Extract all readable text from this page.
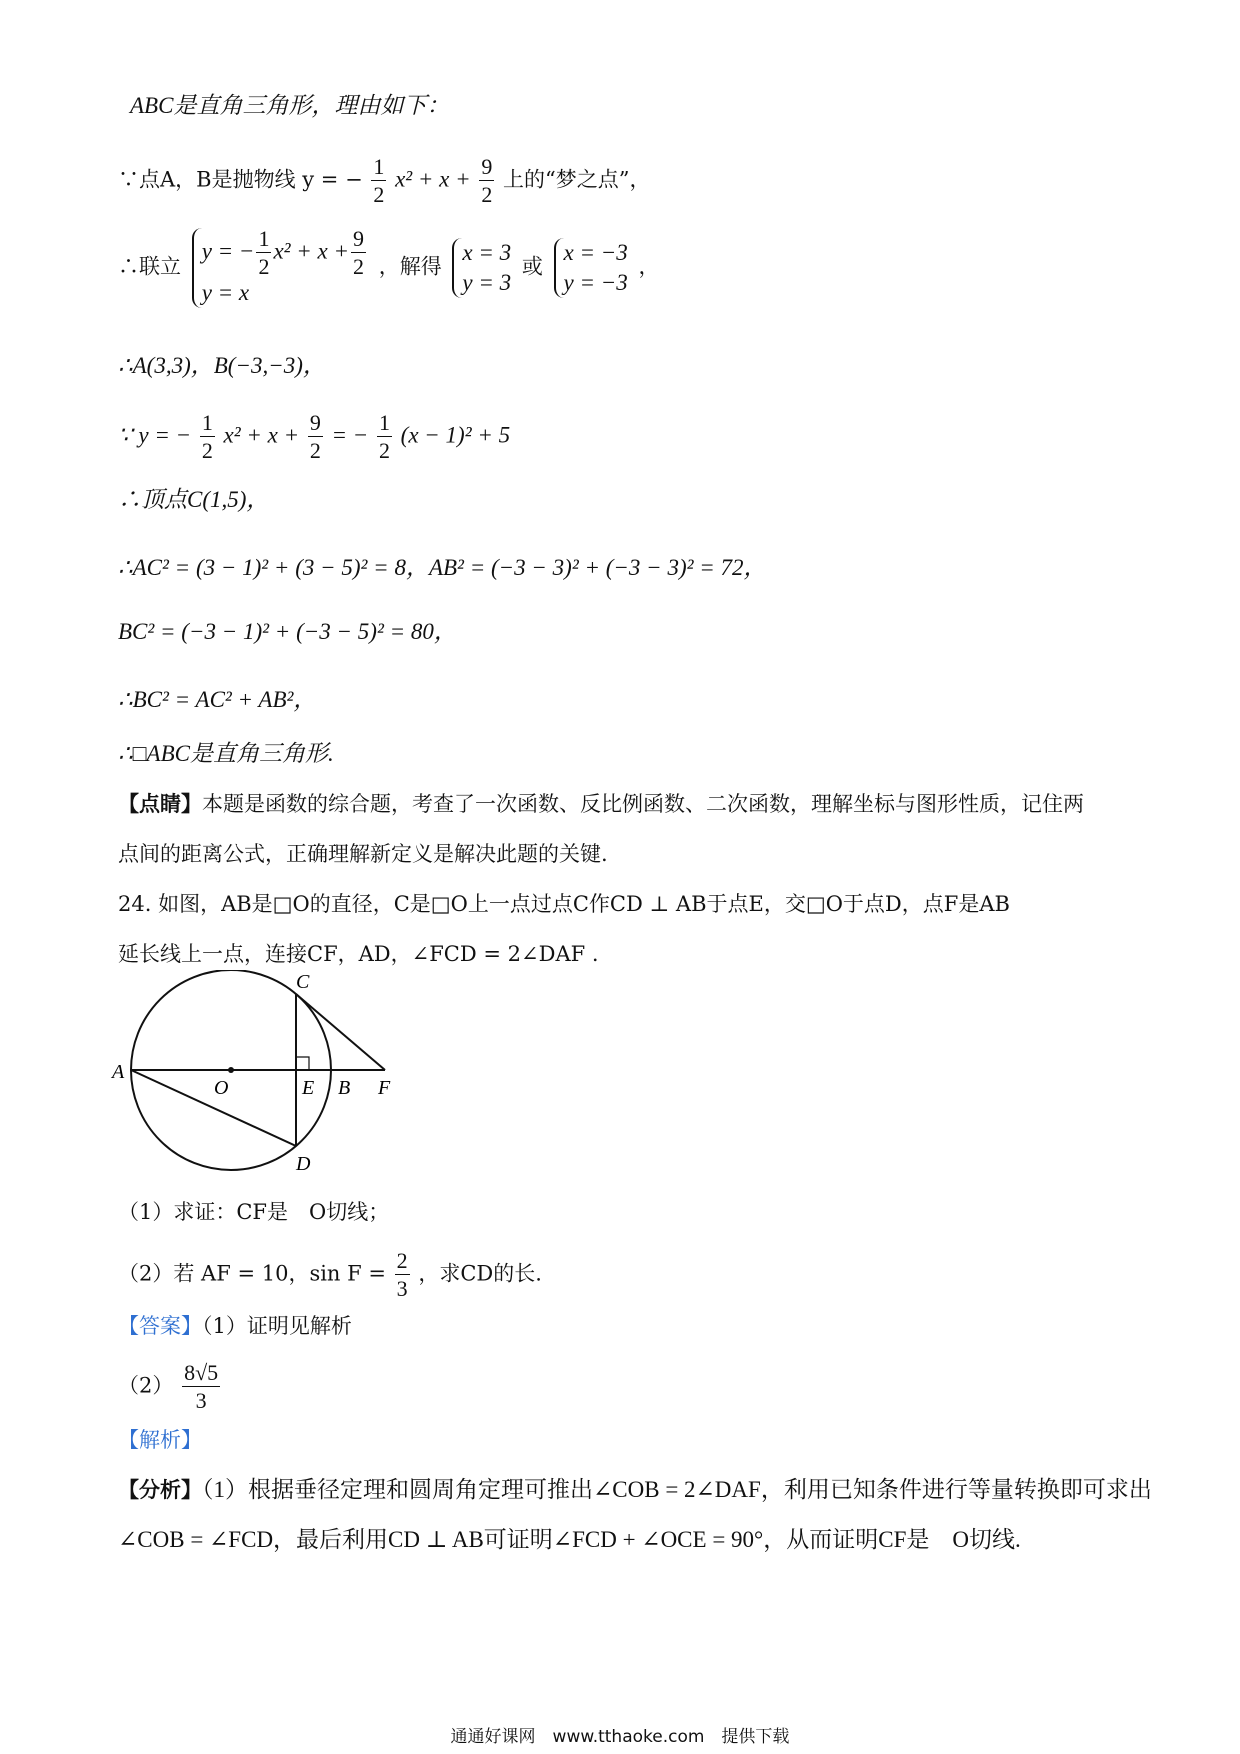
ABC是直角三角形，理由如下：
∵点A，B是抛物线 y = − $\frac{1}{2} x^2 + x + \frac{9}{2}$ 上的“梦之点”，
∴联立
y = − $\frac{1}{2} x^2 + x + \frac{9}{2}$
y = x
，解得
x = 3
y = 3
或
x = −3
y = −3
，
∴A(3,3)，B(−3,−3)，
∵ y = − $\frac{1}{2} x^2 + x + \frac{9}{2}$ = − $\frac{1}{2} (x - 1)^2 + 5$
∴顶点C(1,5)，
∴AC² = (3 − 1)² + (3 − 5)² = 8，AB² = (−3 − 3)² + (−3 − 3)² = 72，
BC² = (−3 − 1)² + (−3 − 5)² = 80，
∴BC² = AC² + AB²，
∴□ABC是直角三角形.
【点睛】本题是函数的综合题，考查了一次函数、反比例函数、二次函数，理解坐标与图形性质，记住两
点间的距离公式，正确理解新定义是解决此题的关键.
24. 如图，AB是□O的直径，C是□O上一点过点C作CD ⊥ AB于点E，交□O于点D，点F是AB
延长线上一点，连接CF，AD，∠FCD = 2∠DAF .
A
O	E B F
C
D
（1）求证：CF是　O切线；
（2）若 AF = 10，$\sin F = \frac{2}{3}$ ，求CD的长.
【答案】（1）证明见解析
$(2) \frac{8√5}{3}$
【解析】
【分析】（1）根据垂径定理和圆周角定理可推出∠COB = 2∠DAF，利用已知条件进行等量转换即可求出
∠COB = ∠FCD，最后利用CD ⊥ AB可证明∠FCD + ∠OCE = 90°，从而证明CF是　O切线.
通通好课网　www.tthaoke.com　提供下载
